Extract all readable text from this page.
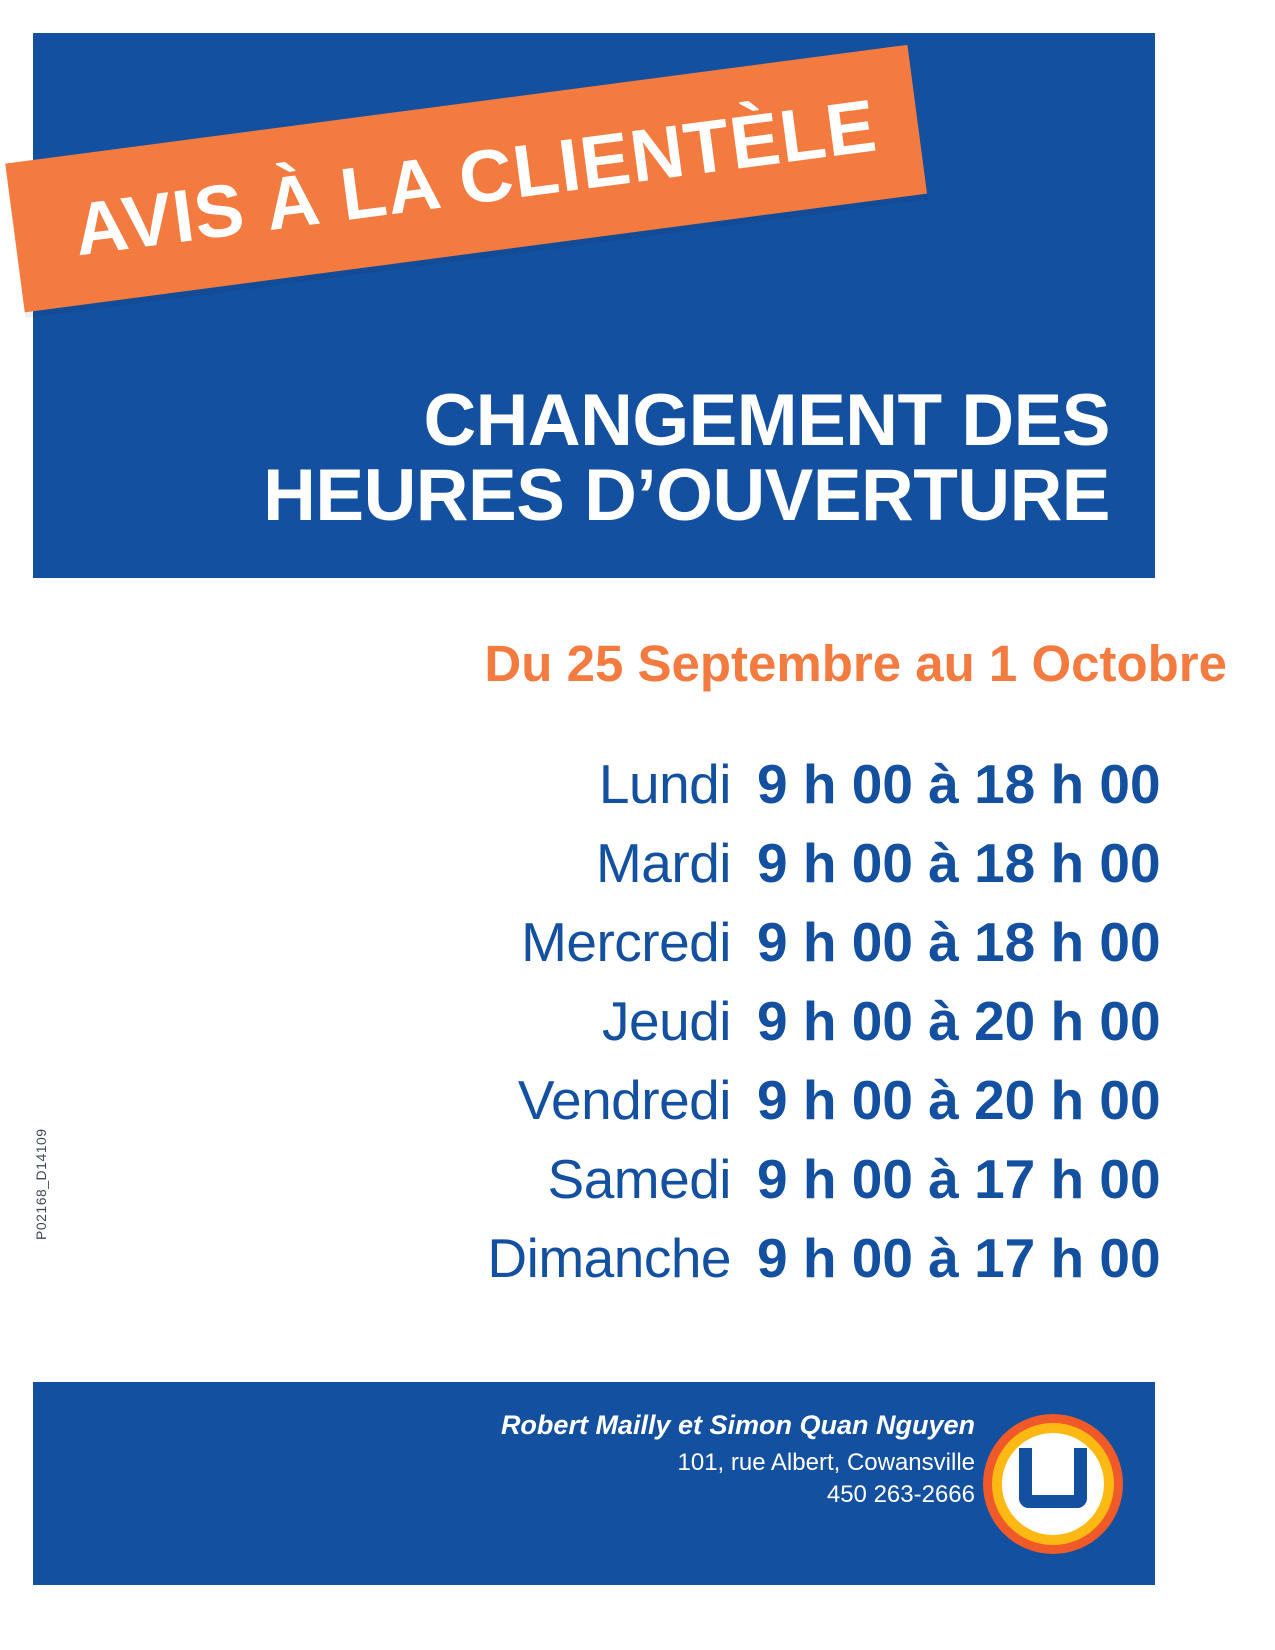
AVIS À LA CLIENTÈLE
CHANGEMENT DES
HEURES D’OUVERTURE
Du 25 Septembre au 1 Octobre
Lundi 9 h 00 à 18 h 00
Mardi 9 h 00 à 18 h 00
Mercredi 9 h 00 à 18 h 00
Jeudi 9 h 00 à 20 h 00
Vendredi 9 h 00 à 20 h 00
Samedi 9 h 00 à 17 h 00
Dimanche 9 h 00 à 17 h 00
P02168_D14109
Robert Mailly et Simon Quan Nguyen
101, rue Albert, Cowansville
450 263-2666
